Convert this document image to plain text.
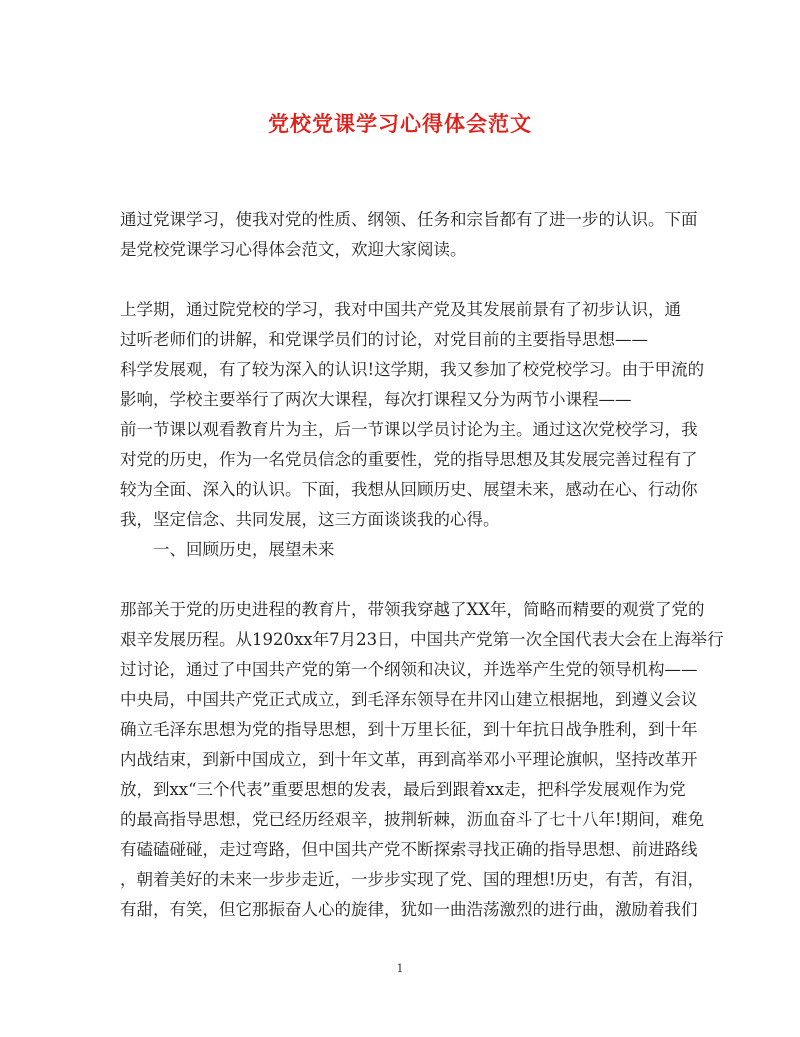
党校党课学习心得体会范文
通过党课学习，使我对党的性质、纲领、任务和宗旨都有了进一步的认识。下面
是党校党课学习心得体会范文，欢迎大家阅读。
上学期，通过院党校的学习，我对中国共产党及其发展前景有了初步认识，通
过听老师们的讲解，和党课学员们的讨论，对党目前的主要指导思想——
科学发展观，有了较为深入的认识!这学期，我又参加了校党校学习。由于甲流的
影响，学校主要举行了两次大课程，每次打课程又分为两节小课程——
前一节课以观看教育片为主，后一节课以学员讨论为主。通过这次党校学习，我
对党的历史，作为一名党员信念的重要性，党的指导思想及其发展完善过程有了
较为全面、深入的认识。下面，我想从回顾历史、展望未来，感动在心、行动你
我，坚定信念、共同发展，这三方面谈谈我的心得。
一、回顾历史，展望未来
那部关于党的历史进程的教育片，带领我穿越了XX年，简略而精要的观赏了党的
艰辛发展历程。从1920xx年7月23日，中国共产党第一次全国代表大会在上海举行
过讨论，通过了中国共产党的第一个纲领和决议，并选举产生党的领导机构——
中央局，中国共产党正式成立，到毛泽东领导在井冈山建立根据地，到遵义会议
确立毛泽东思想为党的指导思想，到十万里长征，到十年抗日战争胜利，到十年
内战结束，到新中国成立，到十年文革，再到高举邓小平理论旗帜，坚持改革开
放，到xx“三个代表”重要思想的发表，最后到跟着xx走，把科学发展观作为党
的最高指导思想，党已经历经艰辛，披荆斩棘，沥血奋斗了七十八年!期间，难免
有磕磕碰碰，走过弯路，但中国共产党不断探索寻找正确的指导思想、前进路线
，朝着美好的未来一步步走近，一步步实现了党、国的理想!历史，有苦，有泪，
有甜，有笑，但它那振奋人心的旋律，犹如一曲浩荡激烈的进行曲，激励着我们
1
